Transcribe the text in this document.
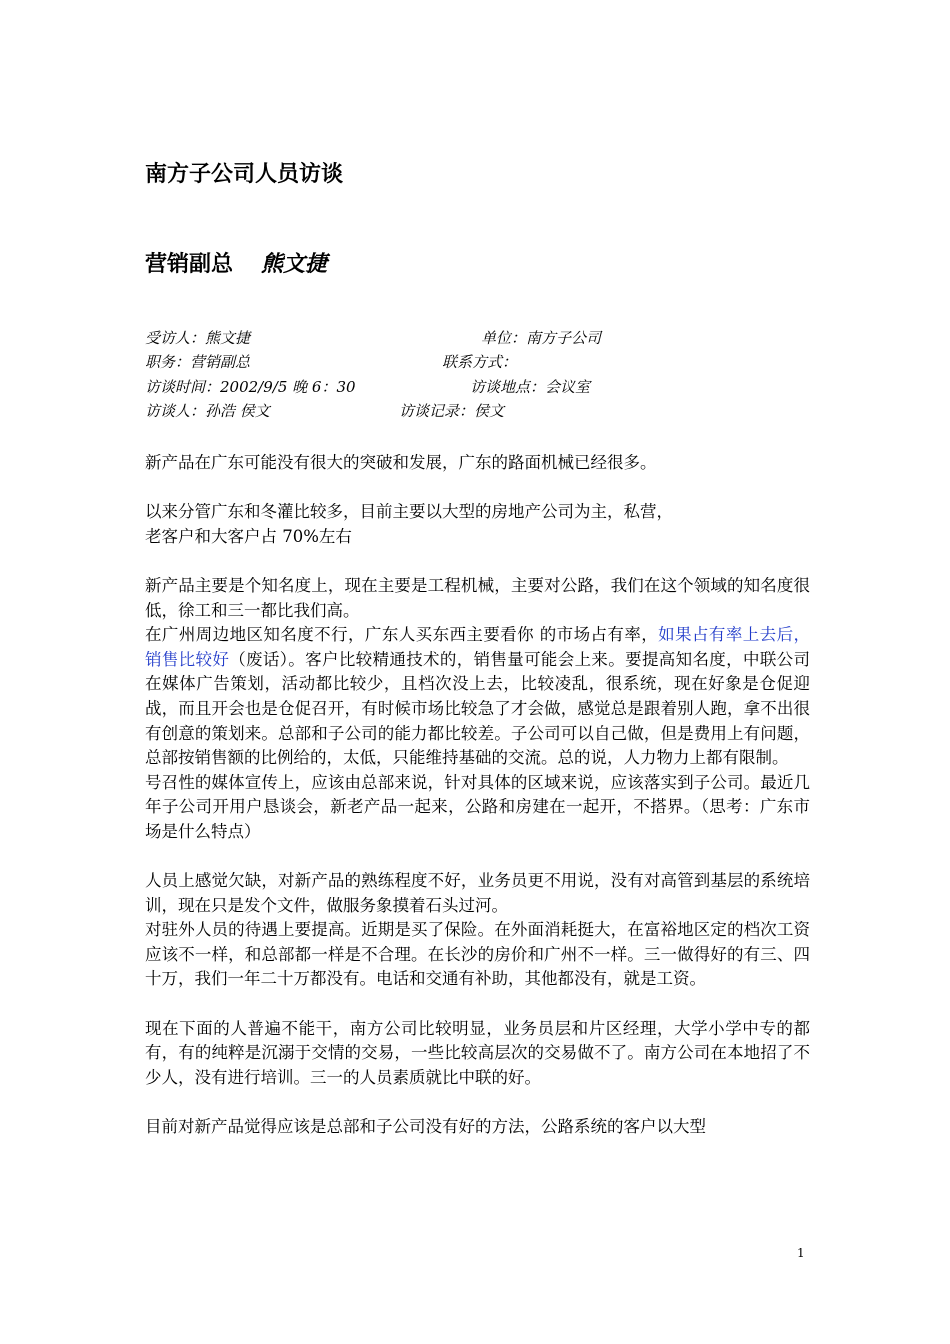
南方子公司人员访谈
营销副总 熊文捷
受访人：熊文捷	单位：南方子公司
职务：营销副总	联系方式：
访谈时间：2002/9/5 晚 6：30	访谈地点：会议室
访谈人：孙浩 侯文	访谈记录：侯文

新产品在广东可能没有很大的突破和发展，广东的路面机械已经很多。

以来分管广东和冬灌比较多，目前主要以大型的房地产公司为主，私营，

老客户和大客户占 70%左右

新产品主要是个知名度上，现在主要是工程机械，主要对公路，我们在这个领域的知名度很低，徐工和三一都比我们高。

在广州周边地区知名度不行，广东人买东西主要看你 的市场占有率，如果占有率上去后，销售比较好（废话）。客户比较精通技术的，销售量可能会上来。要提高知名度，中联公司在媒体广告策划，活动都比较少，且档次没上去，比较凌乱，很系统，现在好象是仓促迎战，而且开会也是仓促召开，有时候市场比较急了才会做，感觉总是跟着别人跑，拿不出很有创意的策划来。总部和子公司的能力都比较差。子公司可以自己做，但是费用上有问题，总部按销售额的比例给的，太低，只能维持基础的交流。总的说，人力物力上都有限制。

号召性的媒体宣传上，应该由总部来说，针对具体的区域来说，应该落实到子公司。最近几年子公司开用户恳谈会，新老产品一起来，公路和房建在一起开，不搭界。（思考：广东市场是什么特点）

人员上感觉欠缺，对新产品的熟练程度不好，业务员更不用说，没有对高管到基层的系统培训，现在只是发个文件，做服务象摸着石头过河。

对驻外人员的待遇上要提高。近期是买了保险。在外面消耗挺大，在富裕地区定的档次工资应该不一样，和总部都一样是不合理。在长沙的房价和广州不一样。三一做得好的有三、四十万，我们一年二十万都没有。电话和交通有补助，其他都没有，就是工资。

现在下面的人普遍不能干，南方公司比较明显，业务员层和片区经理，大学小学中专的都有，有的纯粹是沉溺于交情的交易，一些比较高层次的交易做不了。南方公司在本地招了不少人，没有进行培训。三一的人员素质就比中联的好。

目前对新产品觉得应该是总部和子公司没有好的方法，公路系统的客户以大型

1
